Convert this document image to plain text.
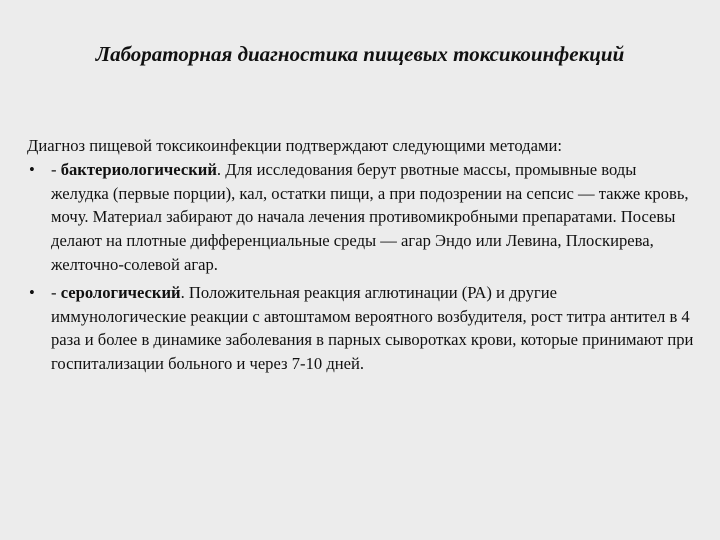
Лабораторная диагностика пищевых токсикоинфекций

Диагноз пищевой токсикоинфекции подтверждают следующими методами:

• - бактериологический. Для исследования берут рвотные массы, промывные воды желудка (первые порции), кал, остатки пищи, а при подозрении на сепсис — также кровь, мочу. Материал забирают до начала лечения противомикробными препаратами. Посевы делают на плотные дифференциальные среды — агар Эндо или Левина, Плоскирева, желточно-солевой агар.
• - серологический. Положительная реакция аглютинации (РА) и другие иммунологические реакции с автоштамом вероятного возбудителя, рост титра антител в 4 раза и более в динамике заболевания в парных сыворотках крови, которые принимают при госпитализации больного и через 7-10 дней.
